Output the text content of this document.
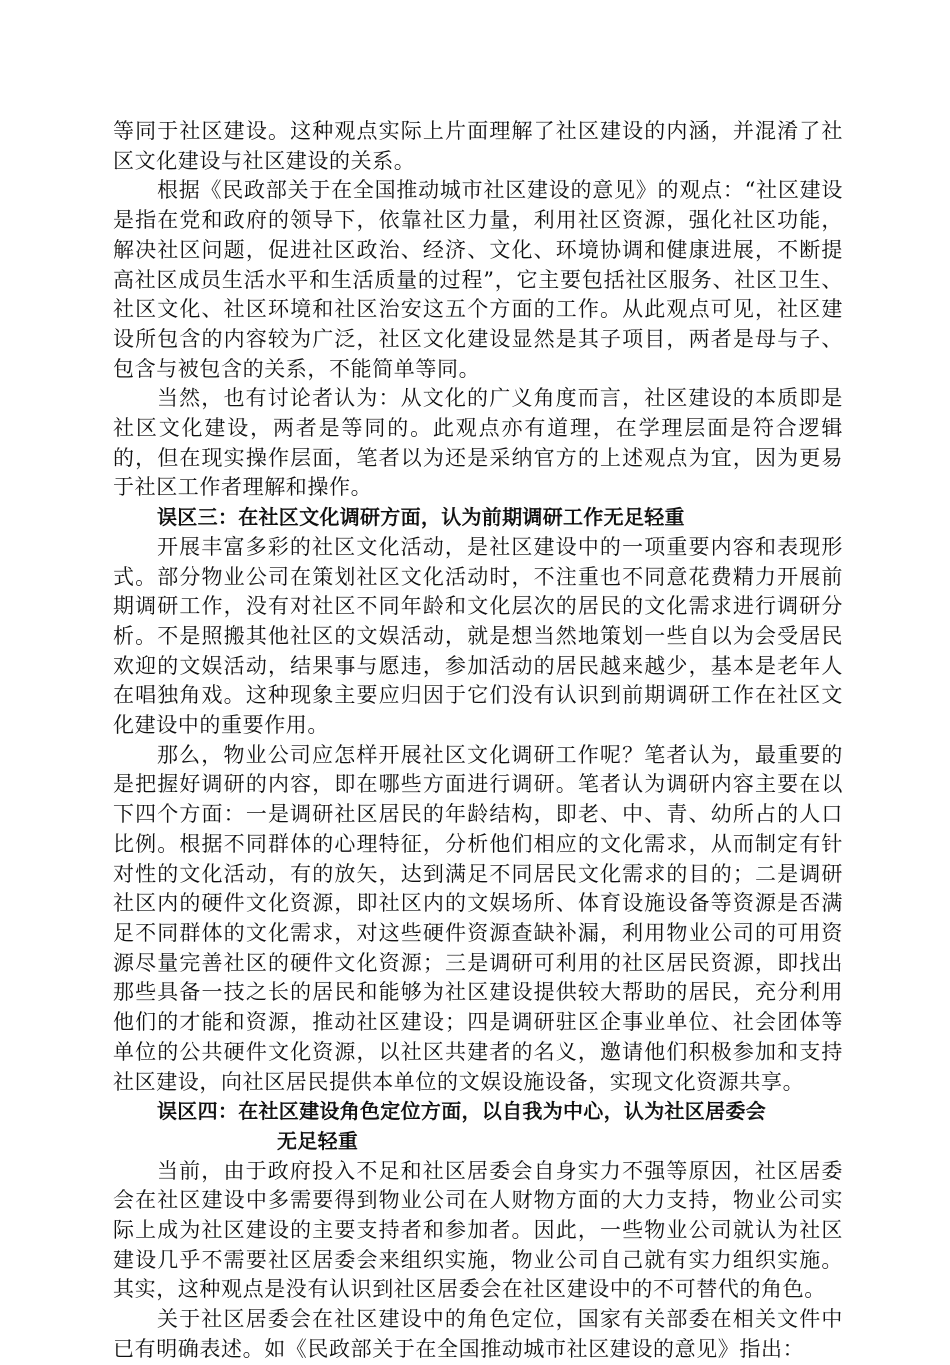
等同于社区建设。这种观点实际上片面理解了社区建设的内涵，并混淆了社区文化建设与社区建设的关系。

根据《民政部关于在全国推动城市社区建设的意见》的观点：“社区建设是指在党和政府的领导下，依靠社区力量，利用社区资源，强化社区功能，解决社区问题，促进社区政治、经济、文化、环境协调和健康进展，不断提高社区成员生活水平和生活质量的过程”，它主要包括社区服务、社区卫生、社区文化、社区环境和社区治安这五个方面的工作。从此观点可见，社区建设所包含的内容较为广泛，社区文化建设显然是其子项目，两者是母与子、包含与被包含的关系，不能简单等同。

当然，也有讨论者认为：从文化的广义角度而言，社区建设的本质即是社区文化建设，两者是等同的。此观点亦有道理，在学理层面是符合逻辑的，但在现实操作层面，笔者以为还是采纳官方的上述观点为宜，因为更易于社区工作者理解和操作。

误区三：在社区文化调研方面，认为前期调研工作无足轻重

开展丰富多彩的社区文化活动，是社区建设中的一项重要内容和表现形式。部分物业公司在策划社区文化活动时，不注重也不同意花费精力开展前期调研工作，没有对社区不同年龄和文化层次的居民的文化需求进行调研分析。不是照搬其他社区的文娱活动，就是想当然地策划一些自以为会受居民欢迎的文娱活动，结果事与愿违，参加活动的居民越来越少，基本是老年人在唱独角戏。这种现象主要应归因于它们没有认识到前期调研工作在社区文化建设中的重要作用。

那么，物业公司应怎样开展社区文化调研工作呢？笔者认为，最重要的是把握好调研的内容，即在哪些方面进行调研。笔者认为调研内容主要在以下四个方面：一是调研社区居民的年龄结构，即老、中、青、幼所占的人口比例。根据不同群体的心理特征，分析他们相应的文化需求，从而制定有针对性的文化活动，有的放矢，达到满足不同居民文化需求的目的；二是调研社区内的硬件文化资源，即社区内的文娱场所、体育设施设备等资源是否满足不同群体的文化需求，对这些硬件资源查缺补漏，利用物业公司的可用资源尽量完善社区的硬件文化资源；三是调研可利用的社区居民资源，即找出那些具备一技之长的居民和能够为社区建设提供较大帮助的居民，充分利用他们的才能和资源，推动社区建设；四是调研驻区企事业单位、社会团体等单位的公共硬件文化资源，以社区共建者的名义，邀请他们积极参加和支持社区建设，向社区居民提供本单位的文娱设施设备，实现文化资源共享。

误区四：在社区建设角色定位方面，以自我为中心，认为社区居委会
无足轻重

当前，由于政府投入不足和社区居委会自身实力不强等原因，社区居委会在社区建设中多需要得到物业公司在人财物方面的大力支持，物业公司实际上成为社区建设的主要支持者和参加者。因此，一些物业公司就认为社区建设几乎不需要社区居委会来组织实施，物业公司自己就有实力组织实施。其实，这种观点是没有认识到社区居委会在社区建设中的不可替代的角色。

关于社区居委会在社区建设中的角色定位，国家有关部委在相关文件中已有明确表述。如《民政部关于在全国推动城市社区建设的意见》指出：
